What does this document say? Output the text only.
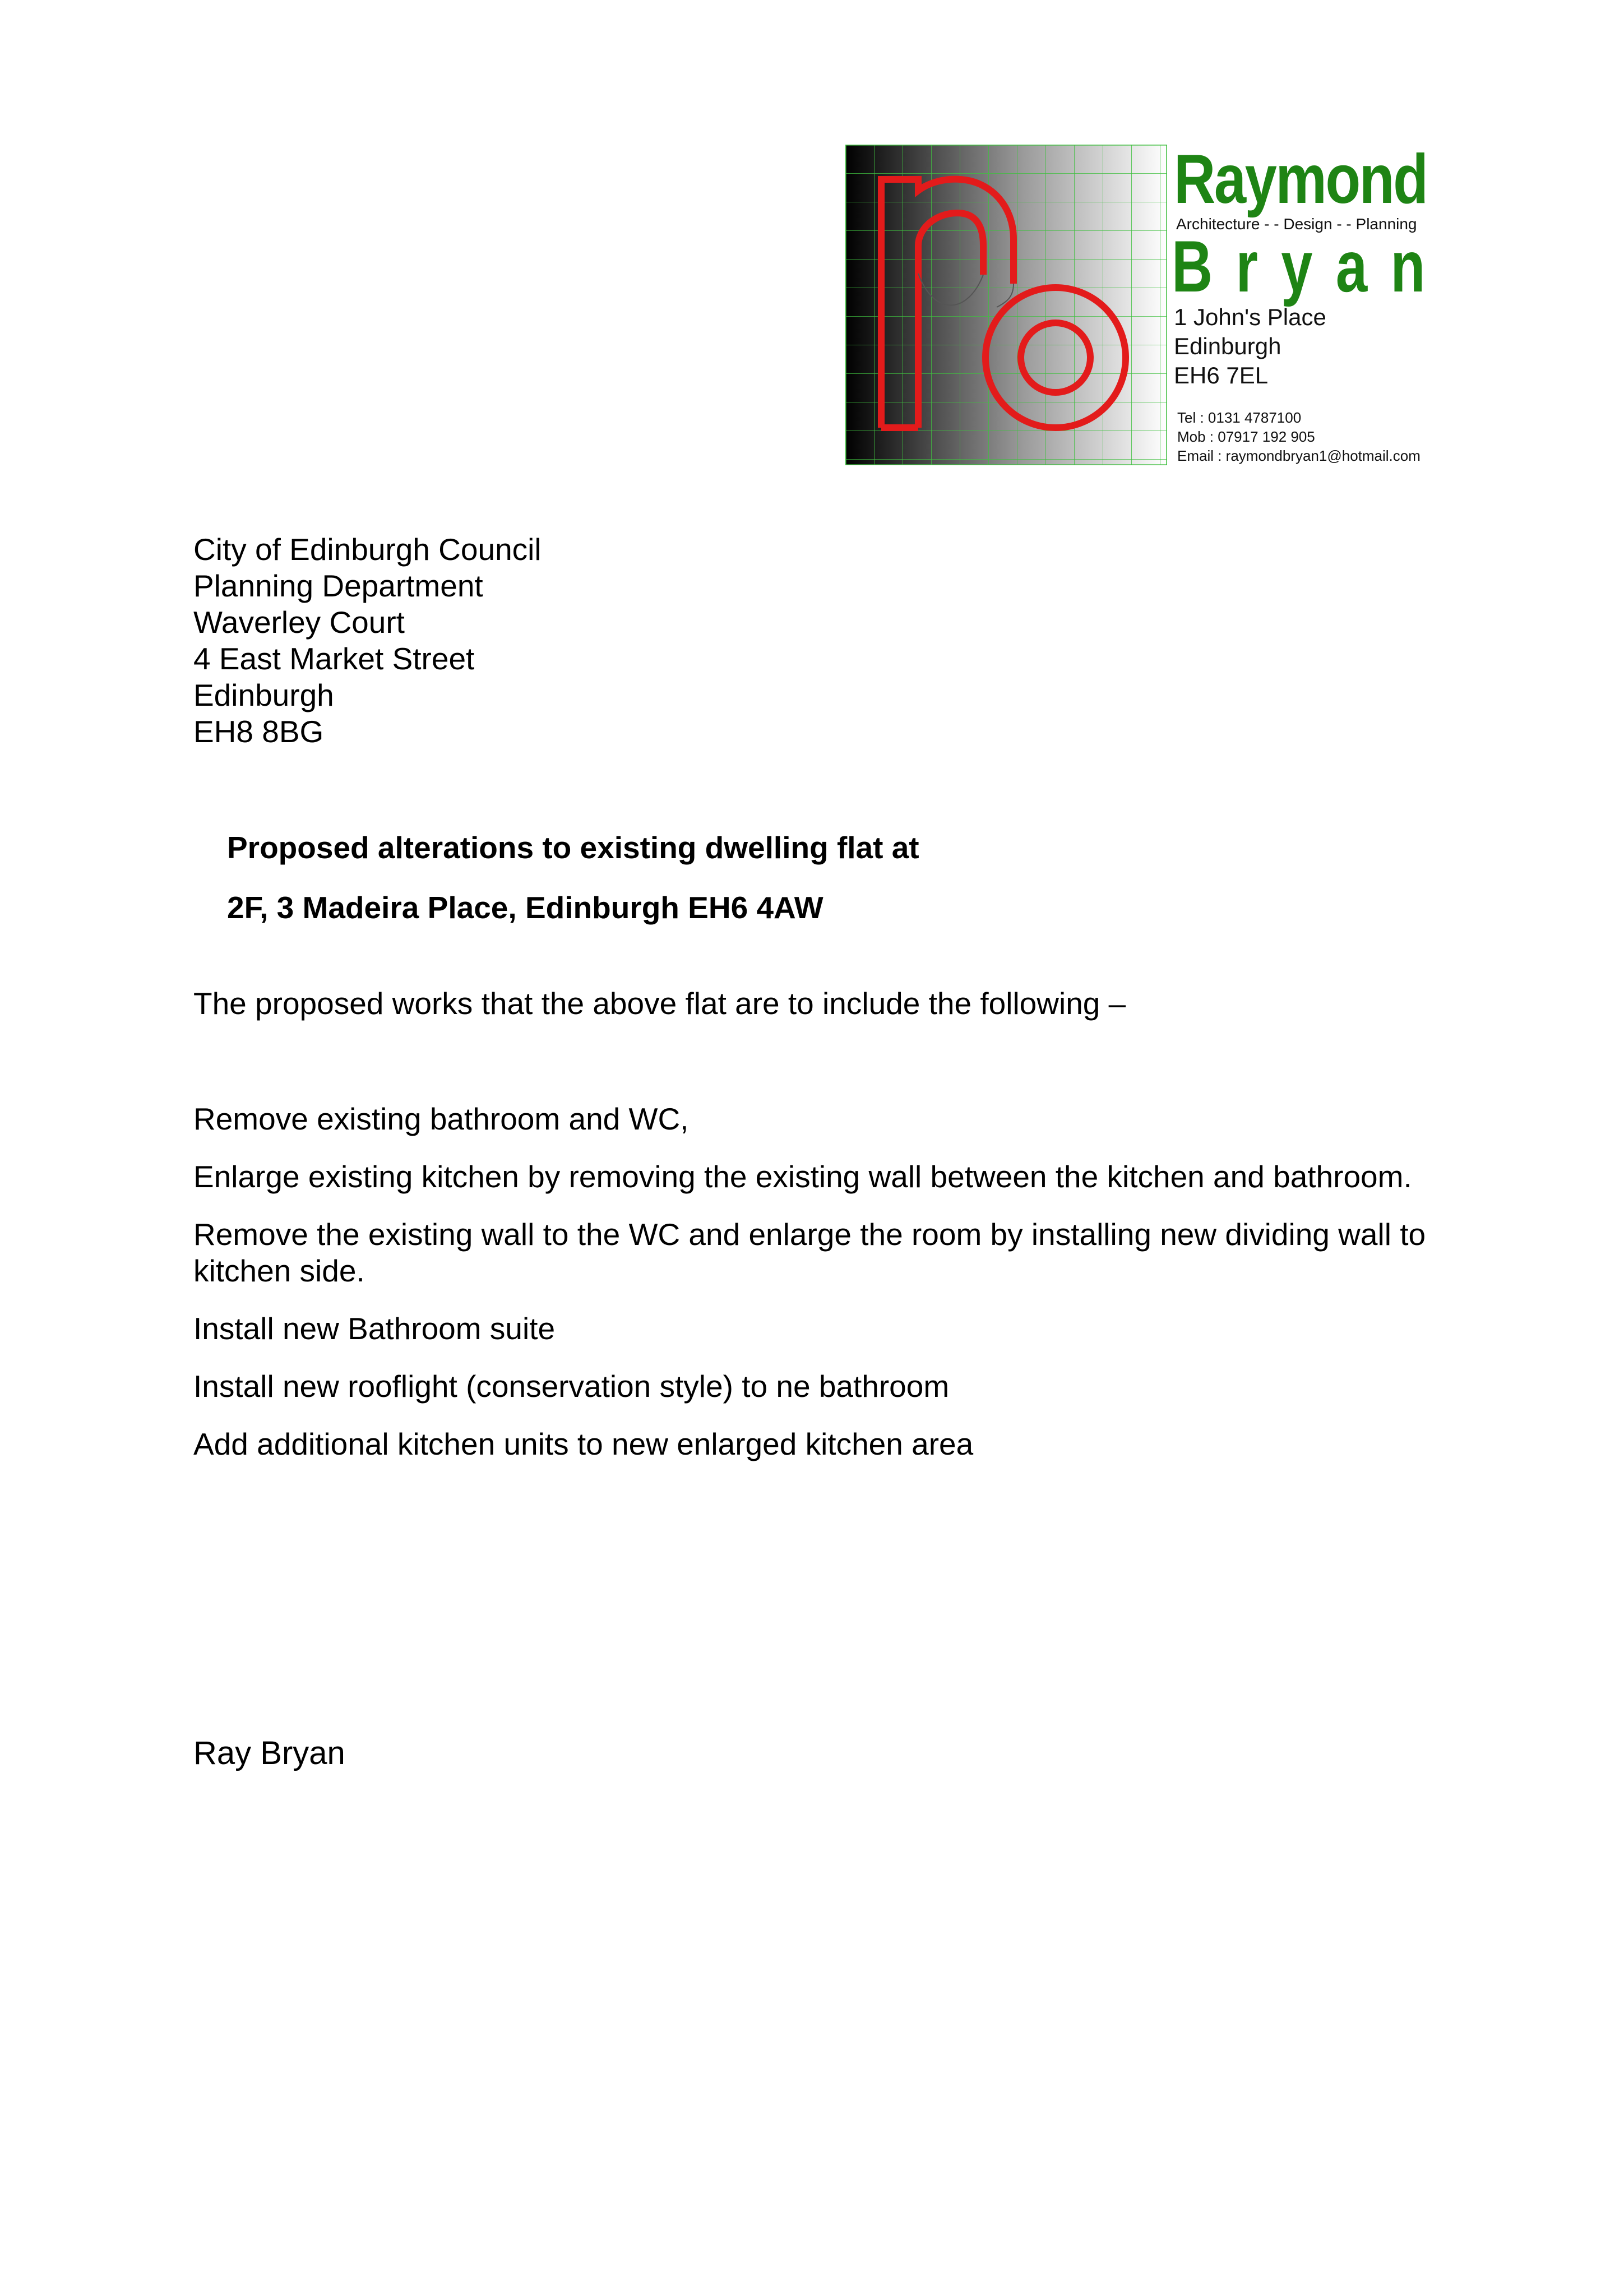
Raymond
Architecture - - Design - - Planning
B r y a n
1 John's Place
Edinburgh
EH6 7EL
Tel : 0131 4787100
Mob : 07917 192 905
Email : raymondbryan1@hotmail.com
City of Edinburgh Council
Planning Department
Waverley Court
4 East Market Street
Edinburgh
EH8 8BG
Proposed alterations to existing dwelling flat at
2F, 3 Madeira Place, Edinburgh EH6 4AW
The proposed works that the above flat are to include the following –
Remove existing bathroom and WC,
Enlarge existing kitchen by removing the existing wall between the kitchen and bathroom.
Remove the existing wall to the WC and enlarge the room by installing new dividing wall to kitchen side.
Install new Bathroom suite
Install new rooflight (conservation style) to ne bathroom
Add additional kitchen units to new enlarged kitchen area
Ray Bryan
